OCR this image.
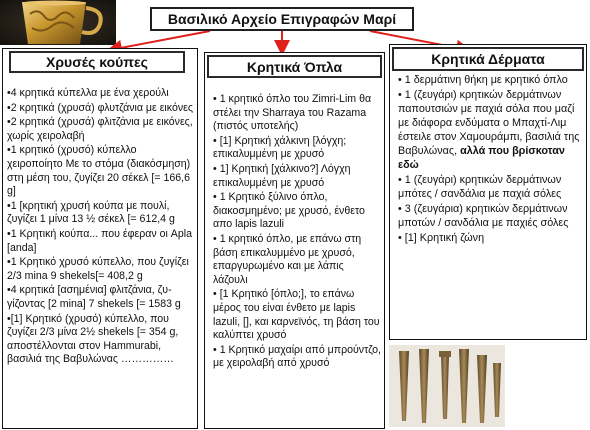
Βασιλικό Αρχείο Επιγραφών Μαρί
Χρυσές κούπες
•4 κρητικά κύπελλα με ένα χερούλι
•2 κρητικά (χρυσά) φλυτζάνια με εικόνες
•2 κρητικά (χρυσά) φλιτζάνια με εικόνες, χωρίς χειρολαβή
•1 κρητικό (χρυσό) κύπελλο χειροποίητο Με το στόμα (διακόσμηση) στη μέση του, ζυγίζει 20 σέκελ [= 166,6 g]
•1 [κρητική χρυσή κούπα με πουλί, ζυγίζει 1 μίνα 13 ½ σέκελ [= 612,4 g
•1 Κρητική κούπα... που έφεραν οι Apla [anda]
•1 Κρητικό χρυσό κύπελλο, που ζυγίζει 2/3 mina 9 shekels[= 408,2 g
•4 κρητικά [ασημένια] φλιτζάνια, ζυ-γίζοντας [2 mina] 7 shekels [= 1583 g
•[1] Κρητικό (χρυσό) κύπελλο, που ζυγίζει 2/3 μίνα 2½ shekels [= 354 g, αποστέλλονται στον Hammurabi, βασιλιά της Βαβυλώνας ……………
Κρητικά Όπλα
• 1 κρητικό όπλο του Zimri-Lim θα στέλει την Sharraya του Razama (πιστός υποτελής)
• [1] Κρητική χάλκινη [λόγχη; επικαλυμμένη με χρυσό
• 1] Κρητική [χάλκινο?] Λόγχη επικαλυμμένη με χρυσό
• 1 Κρητικό ξύλινο όπλο, διακοσμημένο; με χρυσό, ένθετο απο lapis lazuli
• 1 κρητικό όπλο, με επάνω στη βάση επικαλυμμένο με χρυσό, επαργυρωμένο και με λάπις λάζουλι
• [1 Κρητικό [όπλο;], το επάνω μέρος του είναι ένθετο με lapis lazuli, [], και καρνεϊνός, τη βάση του καλύπτει χρυσό
• 1 Κρητικό μαχαίρι από μπρούντζο, με χειρολαβή από χρυσό
Κρητικά Δέρματα
• 1 δερμάτινη θήκη με κρητικό όπλο
• 1 (ζευγάρι) κρητικών δερμάτινων παπουτσιών με παχιά σόλα που μαζί με διάφορα ενδύματα ο Μπαχτί-Λιμ έστειλε στον Χαμουράμπι, βασιλιά της Βαβυλώνας, αλλά που βρίσκοταν εδώ
• 1 (ζευγάρι) κρητικών δερμάτινων μπότες / σανδάλια με παχιά σόλες
• 3 (ζευγάρια) κρητικών δερμάτινων μποτών / σανδάλια με παχιές σόλες
• [1] Κρητική ζώνη
